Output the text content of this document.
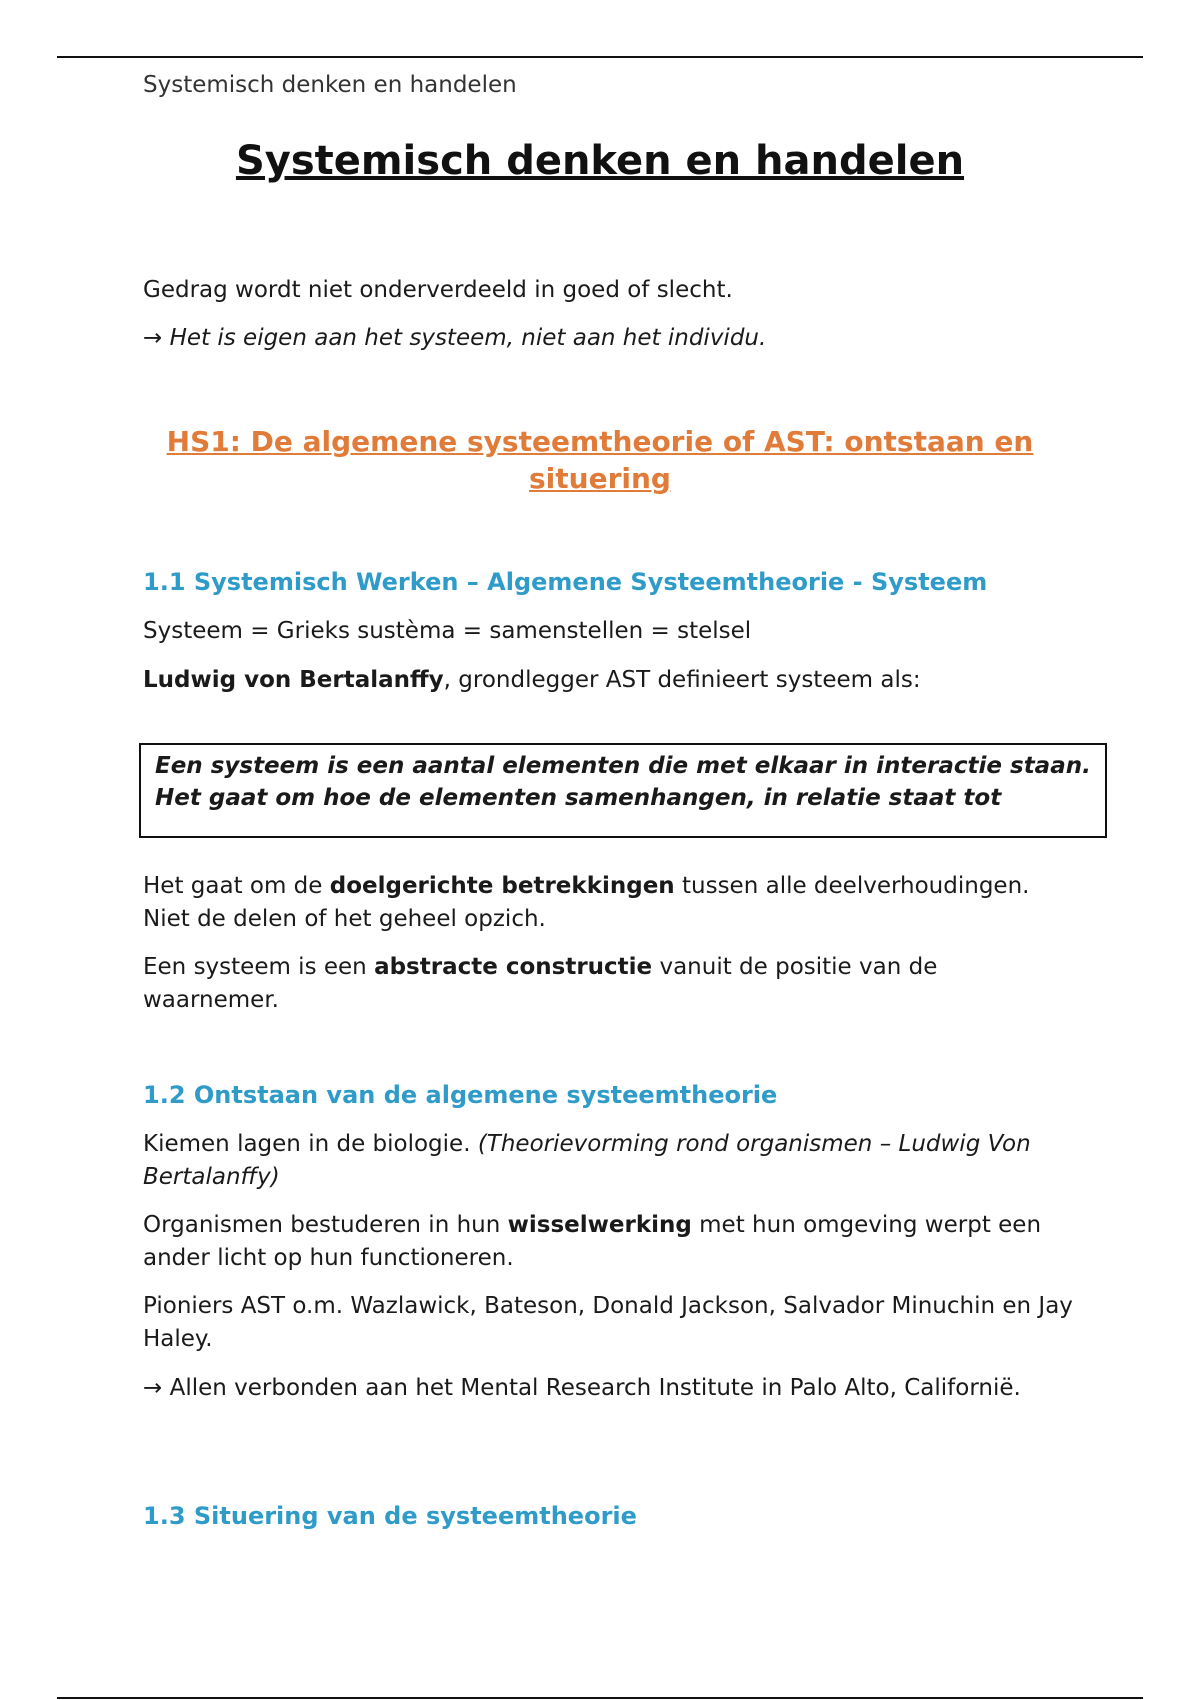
Systemisch denken en handelen
Systemisch denken en handelen

Gedrag wordt niet onderverdeeld in goed of slecht.

→ Het is eigen aan het systeem, niet aan het individu.

HS1: De algemene systeemtheorie of AST: ontstaan en situering
1.1 Systemisch Werken – Algemene Systeemtheorie - Systeem

Systeem = Grieks sustèma = samenstellen = stelsel

Ludwig von Bertalanffy, grondlegger AST definieert systeem als:

Een systeem is een aantal elementen die met elkaar in interactie staan.

Het gaat om hoe de elementen samenhangen, in relatie staat tot

Het gaat om de doelgerichte betrekkingen tussen alle deelverhoudingen. Niet de delen of het geheel opzich.

Een systeem is een abstracte constructie vanuit de positie van de waarnemer.

1.2 Ontstaan van de algemene systeemtheorie

Kiemen lagen in de biologie. (Theorievorming rond organismen – Ludwig Von Bertalanffy)

Organismen bestuderen in hun wisselwerking met hun omgeving werpt een ander licht op hun functioneren.

Pioniers AST o.m. Wazlawick, Bateson, Donald Jackson, Salvador Minuchin en Jay Haley.

→ Allen verbonden aan het Mental Research Institute in Palo Alto, Californië.

1.3 Situering van de systeemtheorie
